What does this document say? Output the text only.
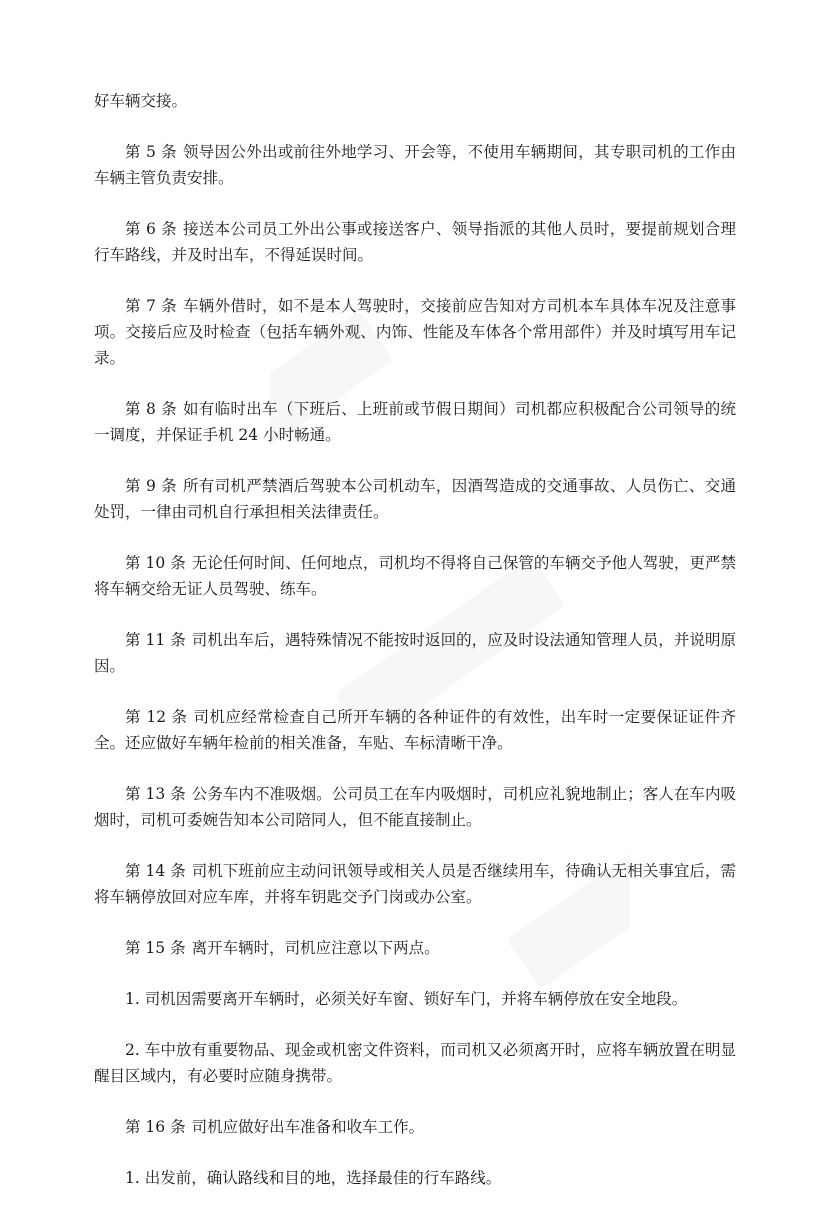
好车辆交接。

第 5 条 领导因公外出或前往外地学习、开会等，不使用车辆期间，其专职司机的工作由车辆主管负责安排。

第 6 条 接送本公司员工外出公事或接送客户、领导指派的其他人员时，要提前规划合理行车路线，并及时出车，不得延误时间。

第 7 条 车辆外借时，如不是本人驾驶时，交接前应告知对方司机本车具体车况及注意事项。交接后应及时检查（包括车辆外观、内饰、性能及车体各个常用部件）并及时填写用车记录。

第 8 条 如有临时出车（下班后、上班前或节假日期间）司机都应积极配合公司领导的统一调度，并保证手机 24 小时畅通。

第 9 条 所有司机严禁酒后驾驶本公司机动车，因酒驾造成的交通事故、人员伤亡、交通处罚，一律由司机自行承担相关法律责任。

第 10 条 无论任何时间、任何地点，司机均不得将自己保管的车辆交予他人驾驶，更严禁将车辆交给无证人员驾驶、练车。

第 11 条 司机出车后，遇特殊情况不能按时返回的，应及时设法通知管理人员，并说明原因。

第 12 条 司机应经常检查自己所开车辆的各种证件的有效性，出车时一定要保证证件齐全。还应做好车辆年检前的相关准备，车贴、车标清晰干净。

第 13 条 公务车内不准吸烟。公司员工在车内吸烟时，司机应礼貌地制止；客人在车内吸烟时，司机可委婉告知本公司陪同人，但不能直接制止。

第 14 条 司机下班前应主动问讯领导或相关人员是否继续用车，待确认无相关事宜后，需将车辆停放回对应车库，并将车钥匙交予门岗或办公室。

第 15 条 离开车辆时，司机应注意以下两点。

1. 司机因需要离开车辆时，必须关好车窗、锁好车门，并将车辆停放在安全地段。

2. 车中放有重要物品、现金或机密文件资料，而司机又必须离开时，应将车辆放置在明显醒目区域内，有必要时应随身携带。

第 16 条 司机应做好出车准备和收车工作。

1. 出发前，确认路线和目的地，选择最佳的行车路线。
